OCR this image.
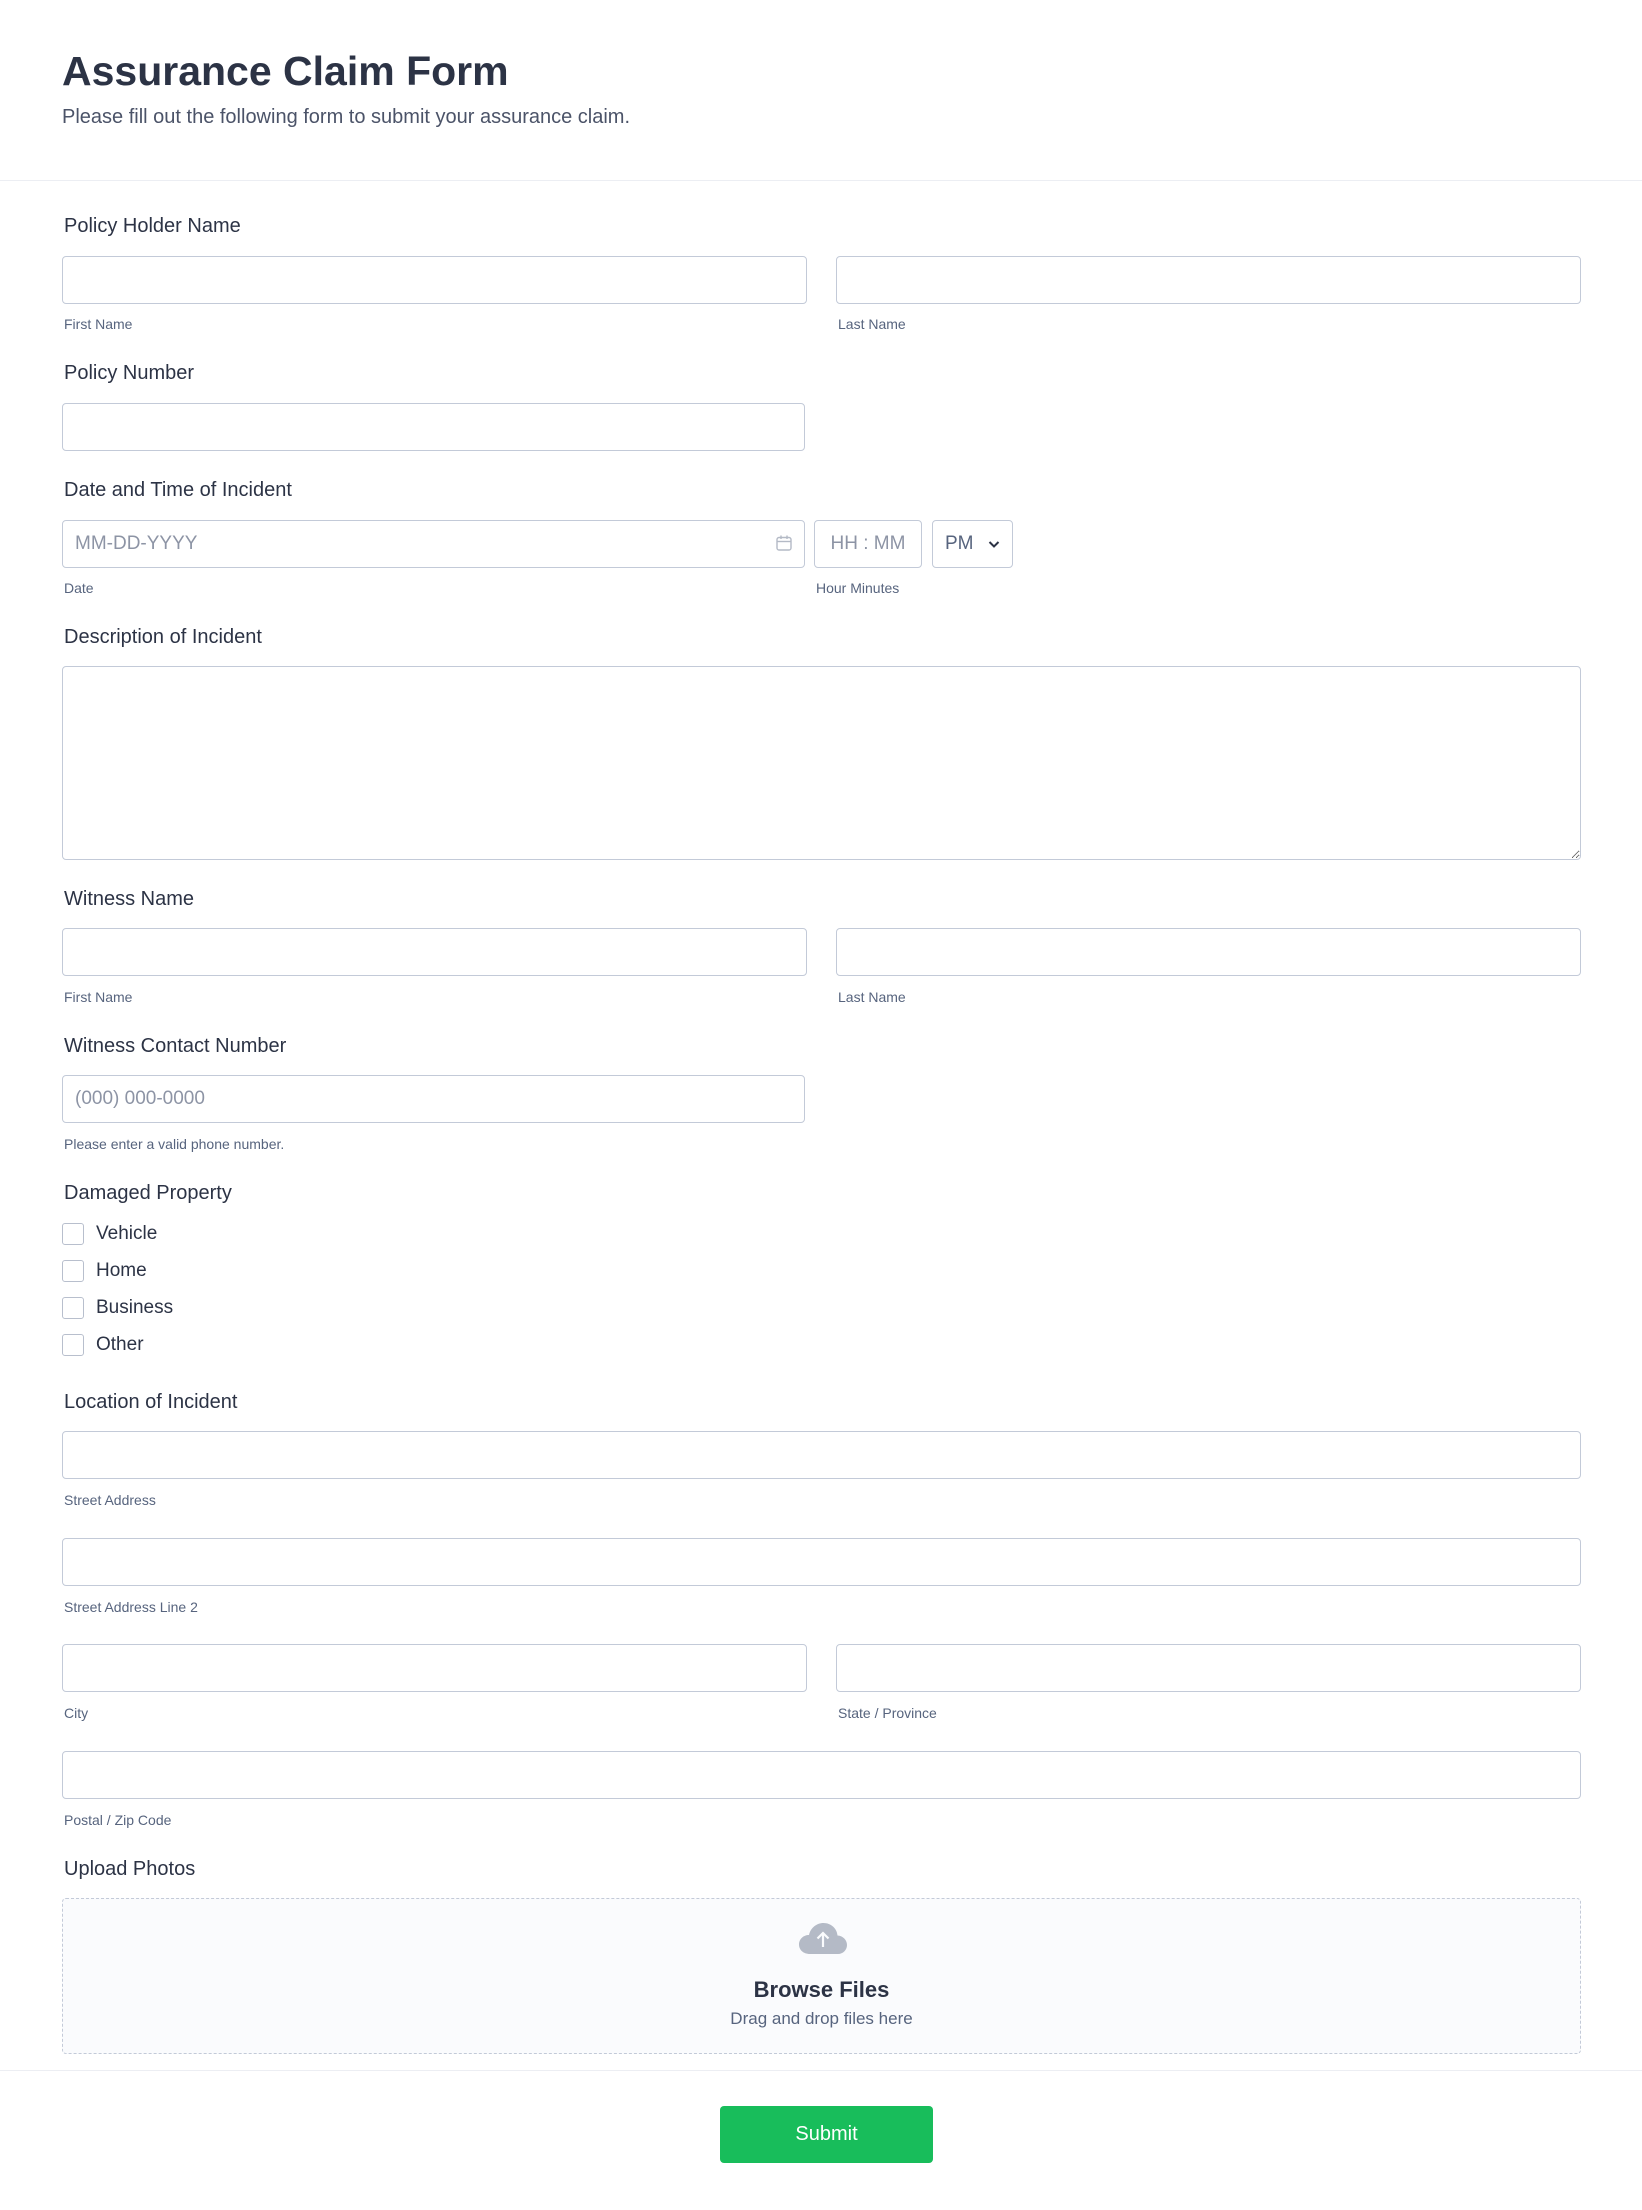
Assurance Claim Form
Please fill out the following form to submit your assurance claim.
Policy Holder Name
First Name	Last Name
Policy Number
Date and Time of Incident
MM-DD-YYYY
HH : MM	PM
Date	Hour Minutes
Description of Incident
Witness Name
First Name	Last Name
Witness Contact Number
(000) 000-0000
Please enter a valid phone number.
Damaged Property
Vehicle
Home
Business
Other
Location of Incident
Street Address
Street Address Line 2
City	State / Province
Postal / Zip Code
Upload Photos
Browse Files
Drag and drop files here
Submit
